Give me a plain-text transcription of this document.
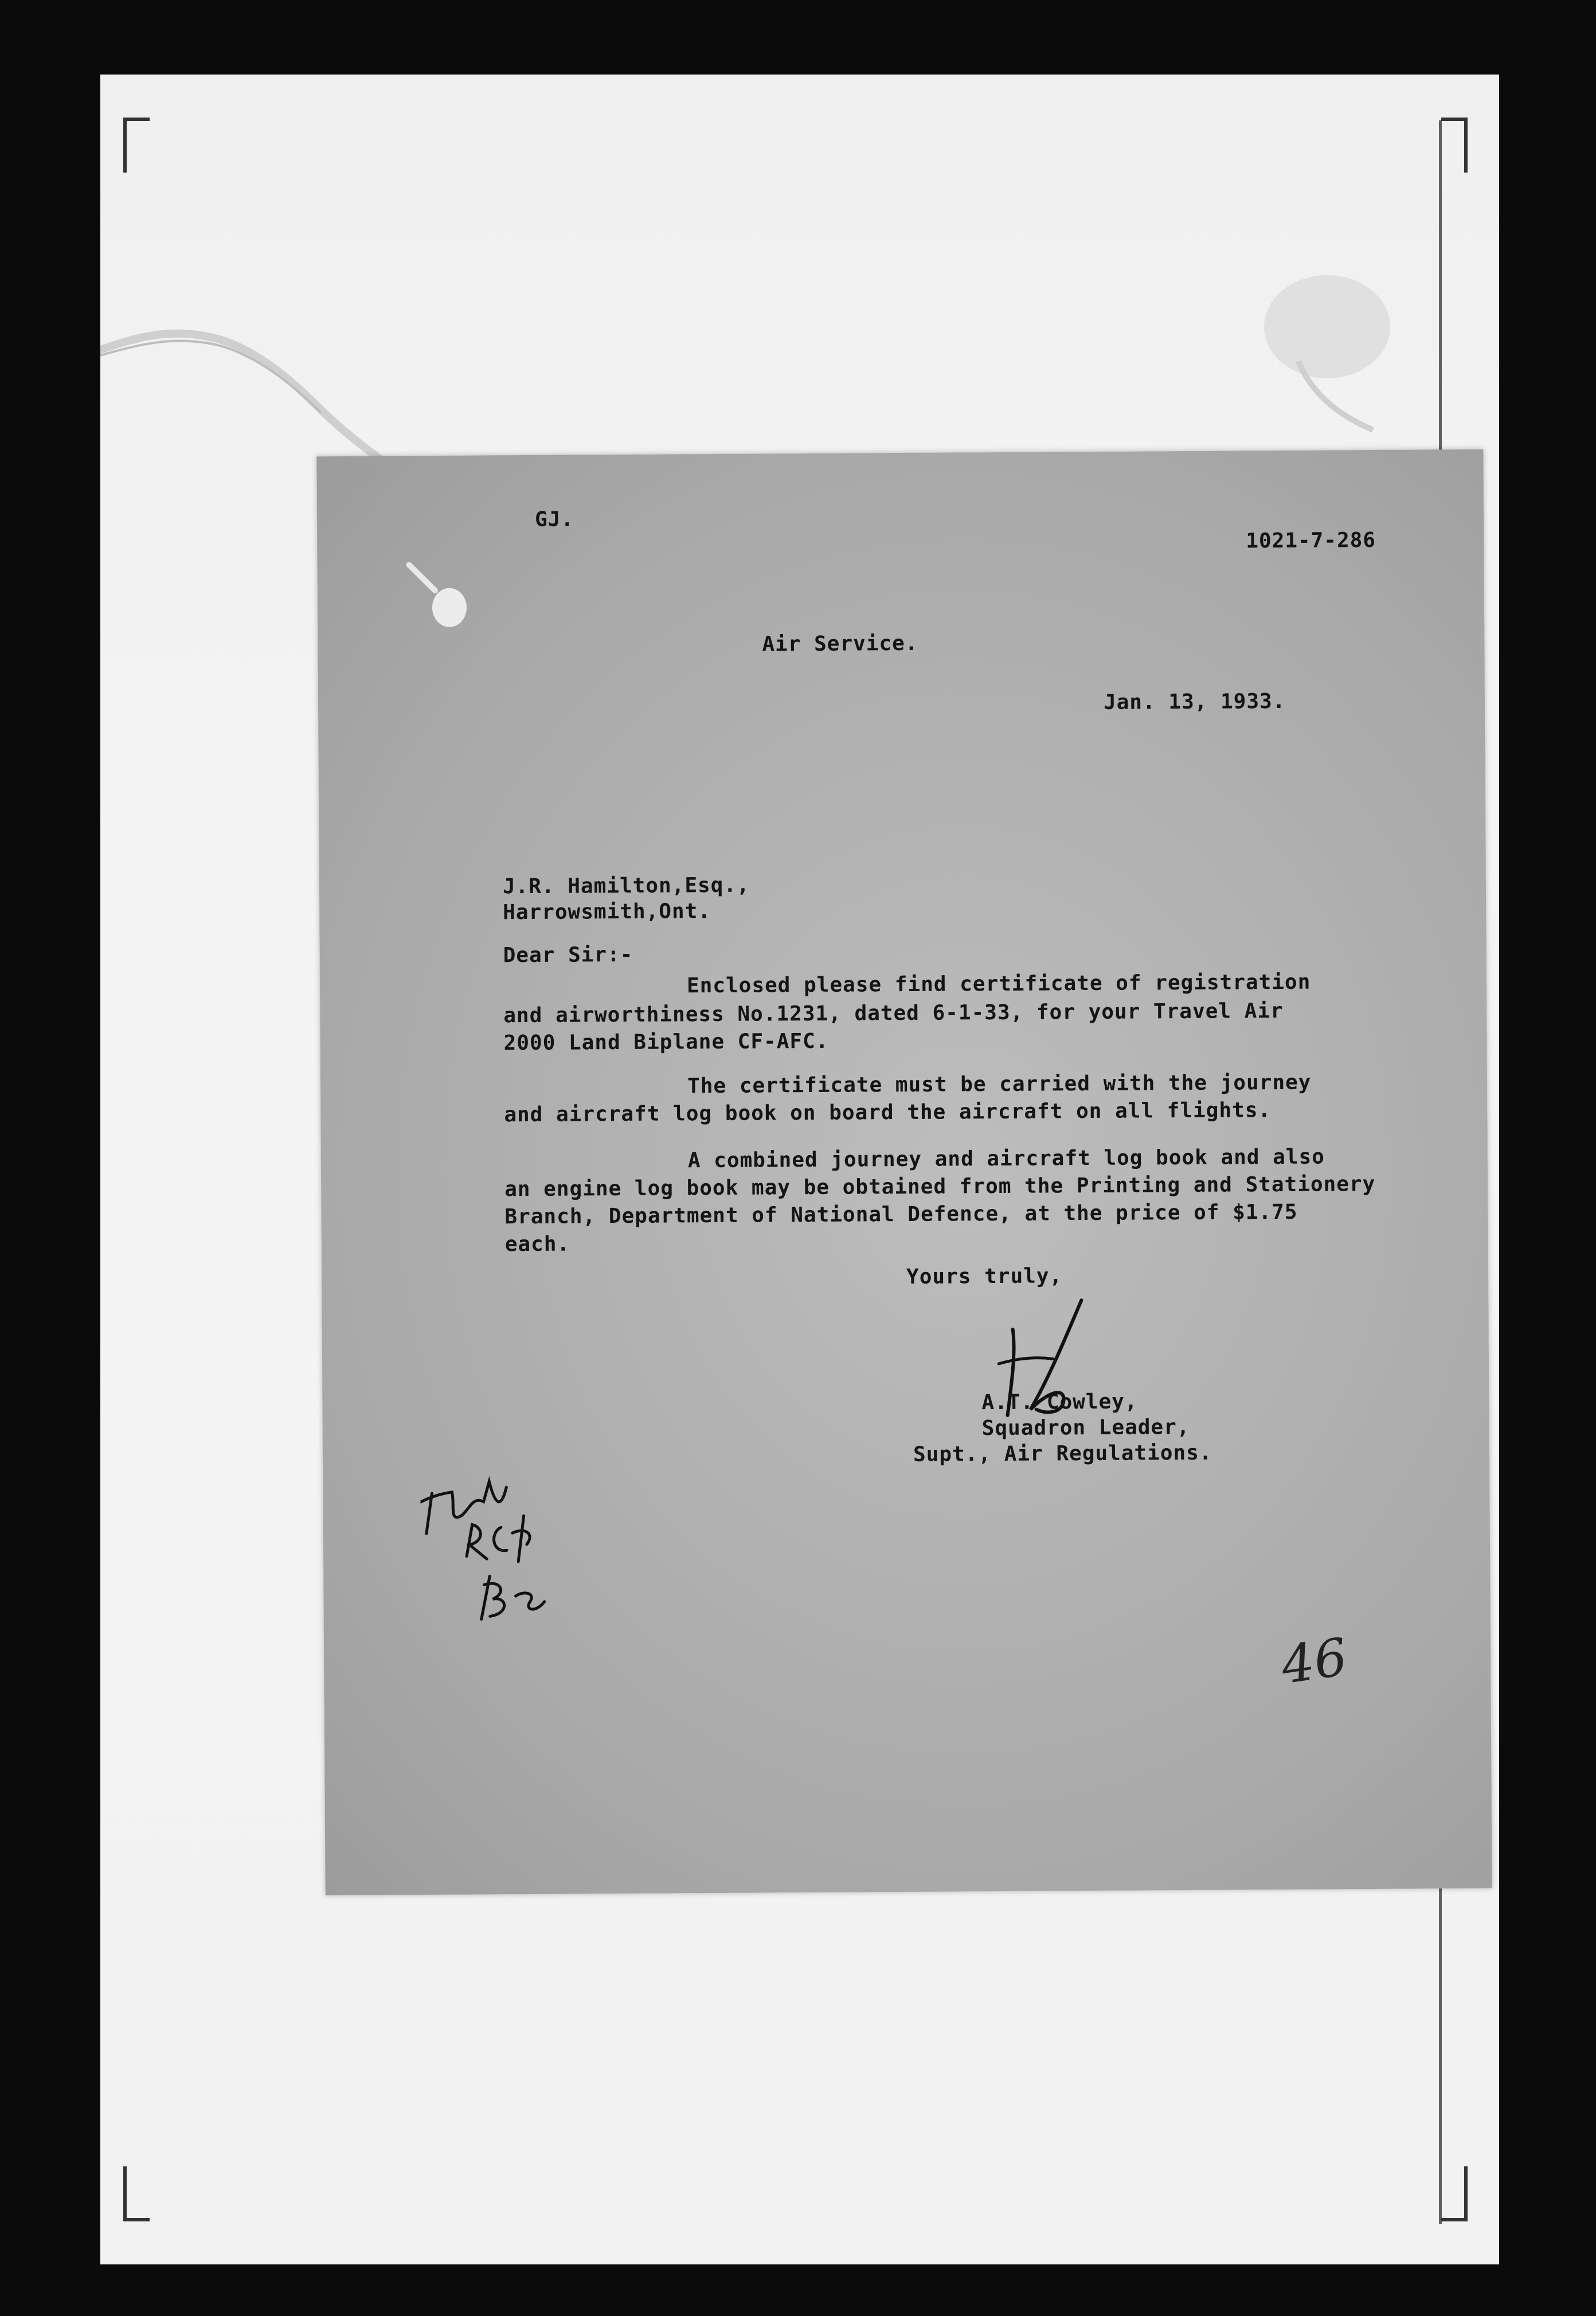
GJ.
1021-7-286
Air Service.
Jan. 13, 1933.
J.R. Hamilton,Esq.,
Harrowsmith,Ont.
Dear Sir:-
Enclosed please find certificate of registration
and airworthiness No.1231, dated 6-1-33, for your Travel Air
2000 Land Biplane CF-AFC.
The certificate must be carried with the journey
and aircraft log book on board the aircraft on all flights.
A combined journey and aircraft log book and also
an engine log book may be obtained from the Printing and Stationery
Branch, Department of National Defence, at the price of $1.75
each.
Yours truly,
A.T. Cowley,
Squadron Leader,
Supt., Air Regulations.
46
